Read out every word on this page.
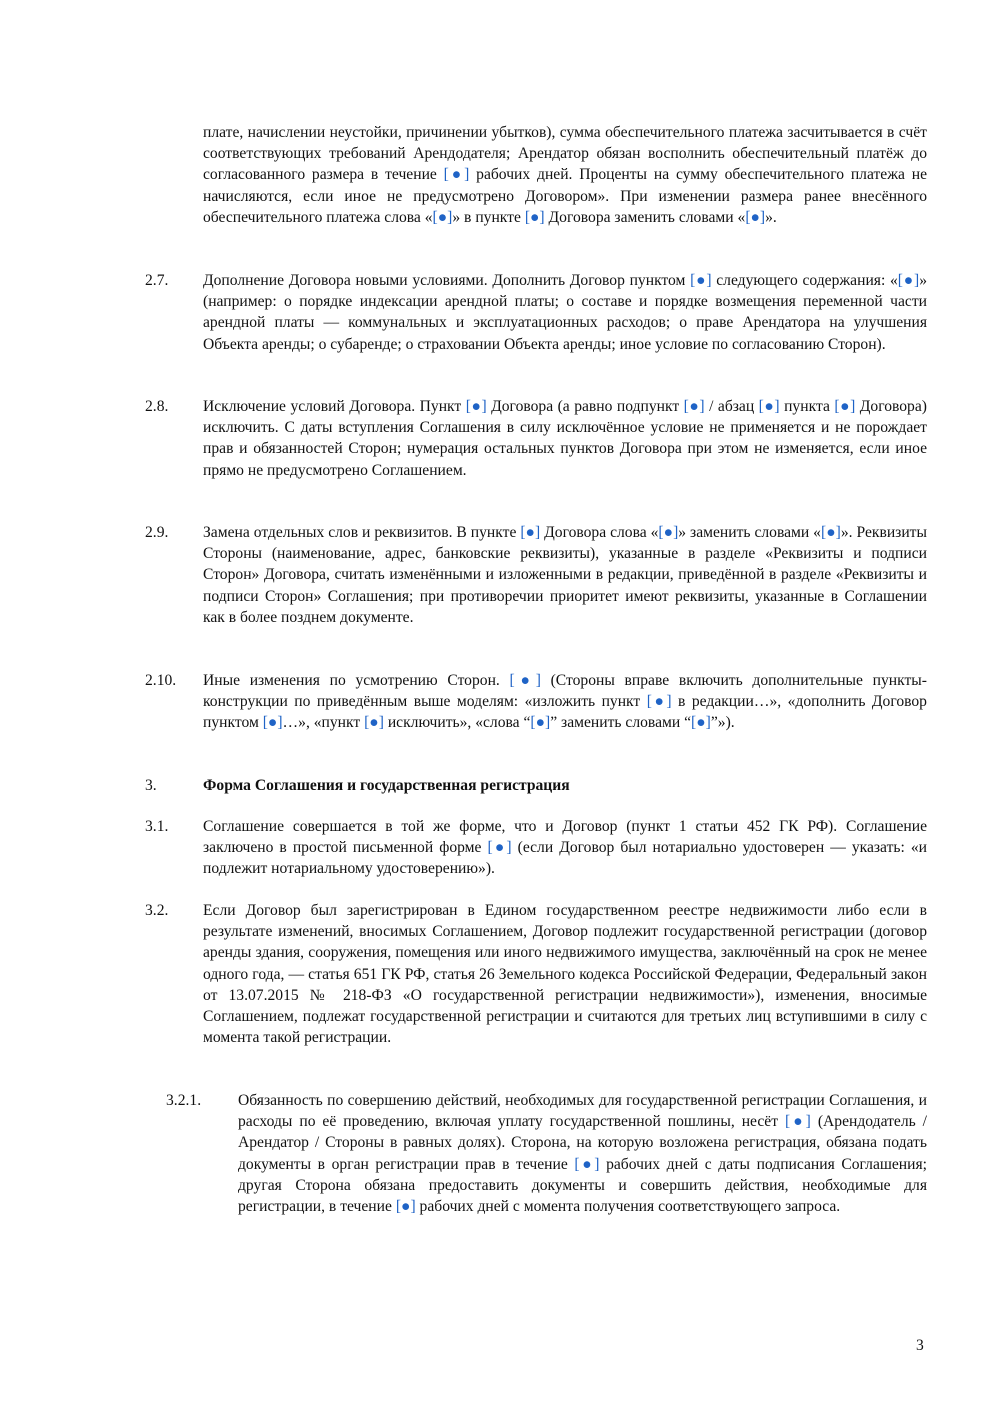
плате, начислении неустойки, причинении убытков), сумма обеспечительного платежа засчитывается в счёт соответствующих требований Арендодателя; Арендатор обязан восполнить обеспечительный платёж до согласованного размера в течение [●] рабочих дней. Проценты на сумму обеспечительного платежа не начисляются, если иное не предусмотрено Договором». При изменении размера ранее внесённого обеспечительного платежа слова «[●]» в пункте [●] Договора заменить словами «[●]».
2.7. Дополнение Договора новыми условиями. Дополнить Договор пунктом [●] следующего содержания: «[●]» (например: о порядке индексации арендной платы; о составе и порядке возмещения переменной части арендной платы — коммунальных и эксплуатационных расходов; о праве Арендатора на улучшения Объекта аренды; о субаренде; о страховании Объекта аренды; иное условие по согласованию Сторон).
2.8. Исключение условий Договора. Пункт [●] Договора (а равно подпункт [●] / абзац [●] пункта [●] Договора) исключить. С даты вступления Соглашения в силу исключённое условие не применяется и не порождает прав и обязанностей Сторон; нумерация остальных пунктов Договора при этом не изменяется, если иное прямо не предусмотрено Соглашением.
2.9. Замена отдельных слов и реквизитов. В пункте [●] Договора слова «[●]» заменить словами «[●]». Реквизиты Стороны (наименование, адрес, банковские реквизиты), указанные в разделе «Реквизиты и подписи Сторон» Договора, считать изменёнными и изложенными в редакции, приведённой в разделе «Реквизиты и подписи Сторон» Соглашения; при противоречии приоритет имеют реквизиты, указанные в Соглашении как в более позднем документе.
2.10. Иные изменения по усмотрению Сторон. [●] (Стороны вправе включить дополнительные пункты-конструкции по приведённым выше моделям: «изложить пункт [●] в редакции…», «дополнить Договор пунктом [●]…», «пункт [●] исключить», «слова “[●]” заменить словами “[●]”»).
3.	Форма Соглашения и государственная регистрация
3.1. Соглашение совершается в той же форме, что и Договор (пункт 1 статьи 452 ГК РФ). Соглашение заключено в простой письменной форме [●] (если Договор был нотариально удостоверен — указать: «и подлежит нотариальному удостоверению»).
3.2. Если Договор был зарегистрирован в Едином государственном реестре недвижимости либо если в результате изменений, вносимых Соглашением, Договор подлежит государственной регистрации (договор аренды здания, сооружения, помещения или иного недвижимого имущества, заключённый на срок не менее одного года, — статья 651 ГК РФ, статья 26 Земельного кодекса Российской Федерации, Федеральный закон от 13.07.2015 № 218-ФЗ «О государственной регистрации недвижимости»), изменения, вносимые Соглашением, подлежат государственной регистрации и считаются для третьих лиц вступившими в силу с момента такой регистрации.
3.2.1. Обязанность по совершению действий, необходимых для государственной регистрации Соглашения, и расходы по её проведению, включая уплату государственной пошлины, несёт [●] (Арендодатель / Арендатор / Стороны в равных долях). Сторона, на которую возложена регистрация, обязана подать документы в орган регистрации прав в течение [●] рабочих дней с даты подписания Соглашения; другая Сторона обязана предоставить документы и совершить действия, необходимые для регистрации, в течение [●] рабочих дней с момента получения соответствующего запроса.
3
